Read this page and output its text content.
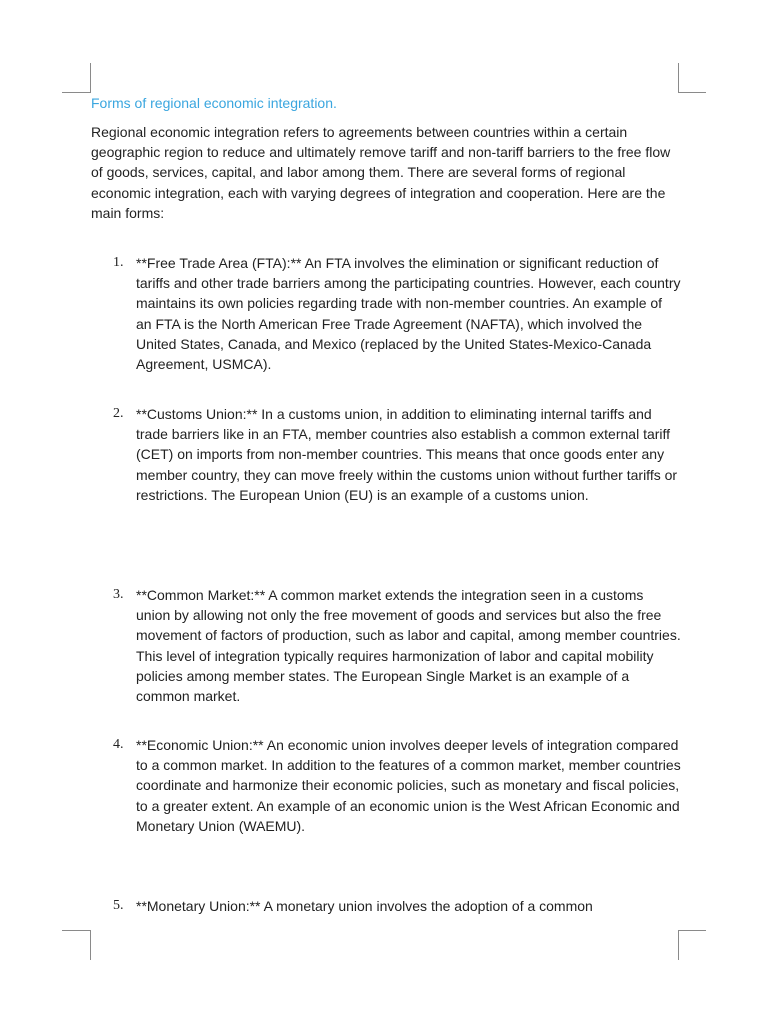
Forms of regional economic integration.

Regional economic integration refers to agreements between countries within a certain geographic region to reduce and ultimately remove tariff and non-tariff barriers to the free flow of goods, services, capital, and labor among them. There are several forms of regional economic integration, each with varying degrees of integration and cooperation. Here are the main forms:

1. **Free Trade Area (FTA):** An FTA involves the elimination or significant reduction of tariffs and other trade barriers among the participating countries. However, each country maintains its own policies regarding trade with non-member countries. An example of an FTA is the North American Free Trade Agreement (NAFTA), which involved the United States, Canada, and Mexico (replaced by the United States-Mexico-Canada Agreement, USMCA).

2. **Customs Union:** In a customs union, in addition to eliminating internal tariffs and trade barriers like in an FTA, member countries also establish a common external tariff (CET) on imports from non-member countries. This means that once goods enter any member country, they can move freely within the customs union without further tariffs or restrictions. The European Union (EU) is an example of a customs union.

3. **Common Market:** A common market extends the integration seen in a customs union by allowing not only the free movement of goods and services but also the free movement of factors of production, such as labor and capital, among member countries. This level of integration typically requires harmonization of labor and capital mobility policies among member states. The European Single Market is an example of a common market.

4. **Economic Union:** An economic union involves deeper levels of integration compared to a common market. In addition to the features of a common market, member countries coordinate and harmonize their economic policies, such as monetary and fiscal policies, to a greater extent. An example of an economic union is the West African Economic and Monetary Union (WAEMU).

5. **Monetary Union:** A monetary union involves the adoption of a common
